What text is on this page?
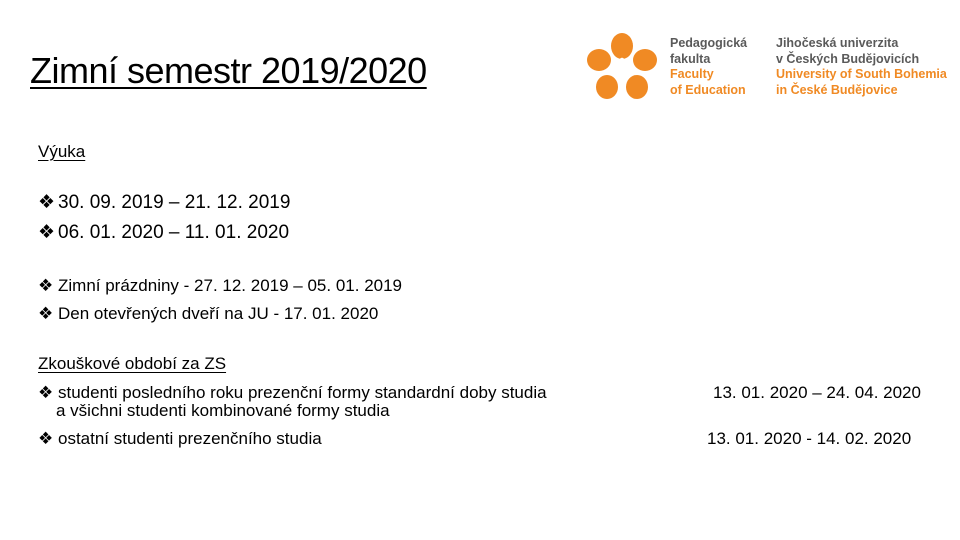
Zimní semestr 2019/2020
Pedagogická
fakulta
Faculty
of Education
Jihočeská univerzita
v Českých Budějovicích
University of South Bohemia
in České Budějovice
Výuka
❖ 30. 09. 2019 – 21. 12. 2019
❖ 06. 01. 2020 – 11. 01. 2020
❖ Zimní prázdniny - 27. 12. 2019 – 05. 01. 2019
❖ Den otevřených dveří na JU - 17. 01. 2020
Zkouškové období za ZS
❖ studenti posledního roku prezenční formy standardní doby studia
a všichni studenti kombinované formy studia
13. 01. 2020 – 24. 04. 2020
❖ ostatní studenti prezenčního studia	13. 01. 2020 - 14. 02. 2020
